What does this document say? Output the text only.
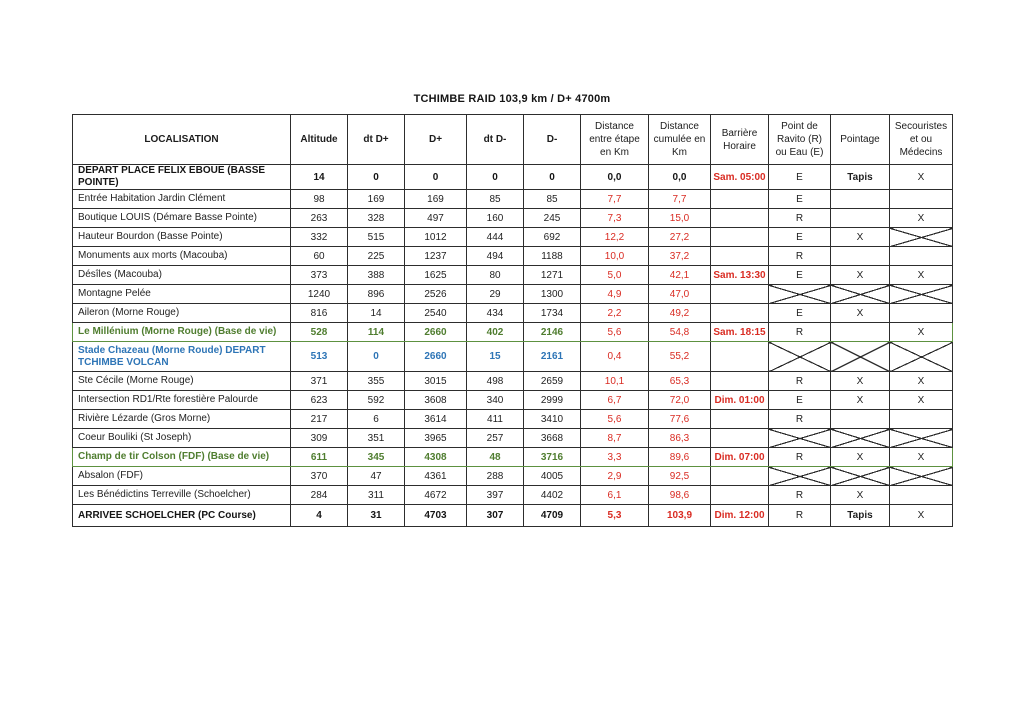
TCHIMBE RAID 103,9 km / D+ 4700m
LOCALISATION	Altitude	dt D+	D+	dt D-	D-	Distance entre étape en Km	Distance cumulée en Km	Barrière Horaire	Point de Ravito (R) ou Eau (E)	Pointage	Secouristes et ou Médecins
DEPART PLACE FELIX EBOUE (BASSE POINTE)	14	0	0	0	0	0,0	0,0	Sam. 05:00	E	Tapis	X
Entrée Habitation Jardin Clément	98	169	169	85	85	7,7	7,7		E		
Boutique LOUIS (Démare Basse Pointe)	263	328	497	160	245	7,3	15,0		R		X
Hauteur Bourdon (Basse Pointe)	332	515	1012	444	692	12,2	27,2		E	X	
Monuments aux morts (Macouba)	60	225	1237	494	1188	10,0	37,2		R		
Désîles (Macouba)	373	388	1625	80	1271	5,0	42,1	Sam. 13:30	E	X	X
Montagne Pelée	1240	896	2526	29	1300	4,9	47,0				
Aileron (Morne Rouge)	816	14	2540	434	1734	2,2	49,2		E	X	
Le Millénium (Morne Rouge) (Base de vie)	528	114	2660	402	2146	5,6	54,8	Sam. 18:15	R		X
Stade Chazeau (Morne Roude) DEPART TCHIMBE VOLCAN	513	0	2660	15	2161	0,4	55,2				
Ste Cécile (Morne Rouge)	371	355	3015	498	2659	10,1	65,3		R	X	X
Intersection RD1/Rte forestière Palourde	623	592	3608	340	2999	6,7	72,0	Dim. 01:00	E	X	X
Rivière Lézarde (Gros Morne)	217	6	3614	411	3410	5,6	77,6		R		
Coeur Bouliki (St Joseph)	309	351	3965	257	3668	8,7	86,3				
Champ de tir Colson (FDF) (Base de vie)	611	345	4308	48	3716	3,3	89,6	Dim. 07:00	R	X	X
Absalon (FDF)	370	47	4361	288	4005	2,9	92,5				
Les Bénédictins Terreville (Schoelcher)	284	311	4672	397	4402	6,1	98,6		R	X	
ARRIVEE SCHOELCHER (PC Course)	4	31	4703	307	4709	5,3	103,9	Dim. 12:00	R	Tapis	X
